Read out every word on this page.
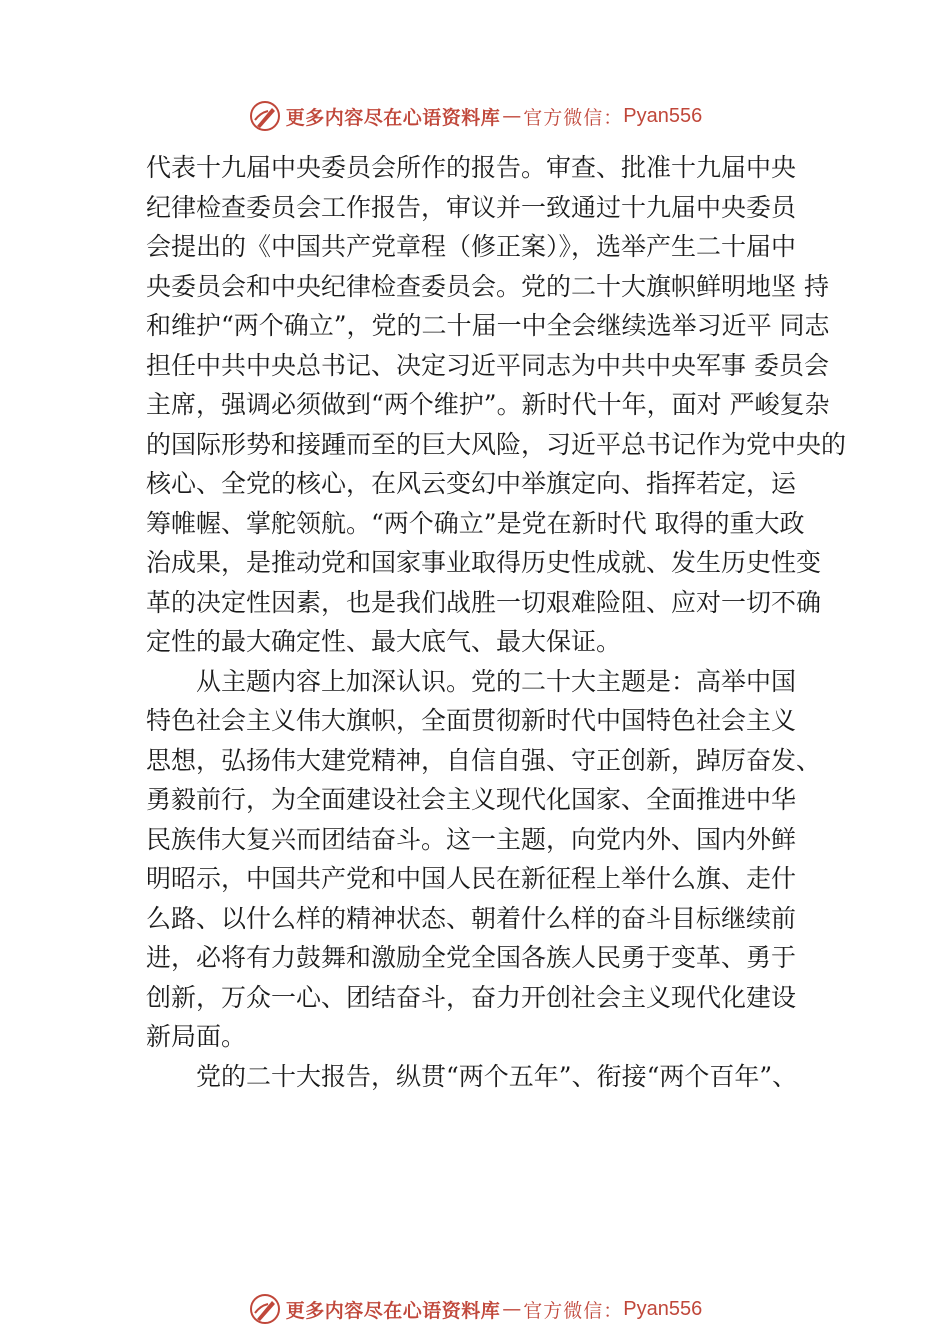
更多内容尽在心语资料库 — 官方微信： Pyan556
代表十九届中央委员会所作的报告。审查、批准十九届中央
纪律检查委员会工作报告，审议并一致通过十九届中央委员
会提出的《中国共产党章程（修正案）》，选举产生二十届中
央委员会和中央纪律检查委员会。党的二十大旗帜鲜明地坚 持
和维护“两个确立”，党的二十届一中全会继续选举习近平 同志
担任中共中央总书记、决定习近平同志为中共中央军事 委员会
主席，强调必须做到“两个维护”。新时代十年，面对 严峻复杂
的国际形势和接踵而至的巨大风险，习近平总书记作为党中央的
核心、全党的核心，在风云变幻中举旗定向、指挥若定，运
筹帷幄、掌舵领航。“两个确立”是党在新时代 取得的重大政
治成果，是推动党和国家事业取得历史性成就、发生历史性变
革的决定性因素，也是我们战胜一切艰难险阻、应对一切不确
定性的最大确定性、最大底气、最大保证。
从主题内容上加深认识。党的二十大主题是：高举中国
特色社会主义伟大旗帜，全面贯彻新时代中国特色社会主义
思想，弘扬伟大建党精神，自信自强、守正创新，踔厉奋发、
勇毅前行，为全面建设社会主义现代化国家、全面推进中华
民族伟大复兴而团结奋斗。这一主题，向党内外、国内外鲜
明昭示，中国共产党和中国人民在新征程上举什么旗、走什
么路、以什么样的精神状态、朝着什么样的奋斗目标继续前
进，必将有力鼓舞和激励全党全国各族人民勇于变革、勇于
创新，万众一心、团结奋斗，奋力开创社会主义现代化建设
新局面。
党的二十大报告，纵贯“两个五年”、衔接“两个百年”、
更多内容尽在心语资料库 — 官方微信： Pyan556
